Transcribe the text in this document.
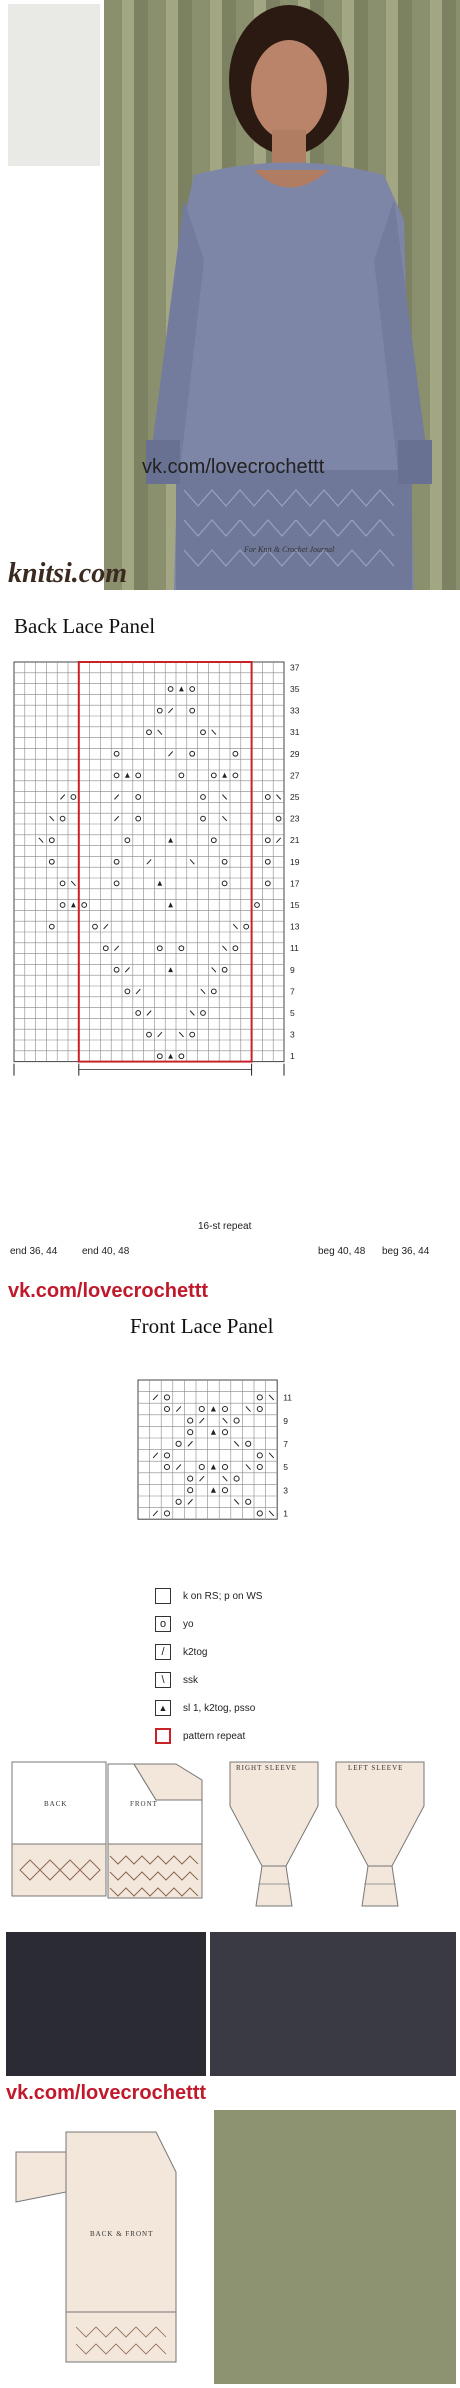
vk.com/lovecrochettt
For Knit & Crochet Journal
knitsi.com
Back Lace Panel
37
35
33
31
29
27
25
23
21
19
17
15
13
11
9
7
5
3
1
16-st repeat
end 36, 44 end 40, 48	beg 40, 48 beg 36, 44
vk.com/lovecrochettt
Front Lace Panel
11
9
7
5
3
1
k on RS; p on WS
o	yo
/	k2tog
\	ssk
▲	sl 1, k2tog, psso
pattern repeat
BACK	FRONT
RIGHT SLEEVE	LEFT SLEEVE
vk.com/lovecrochettt
BACK & FRONT
